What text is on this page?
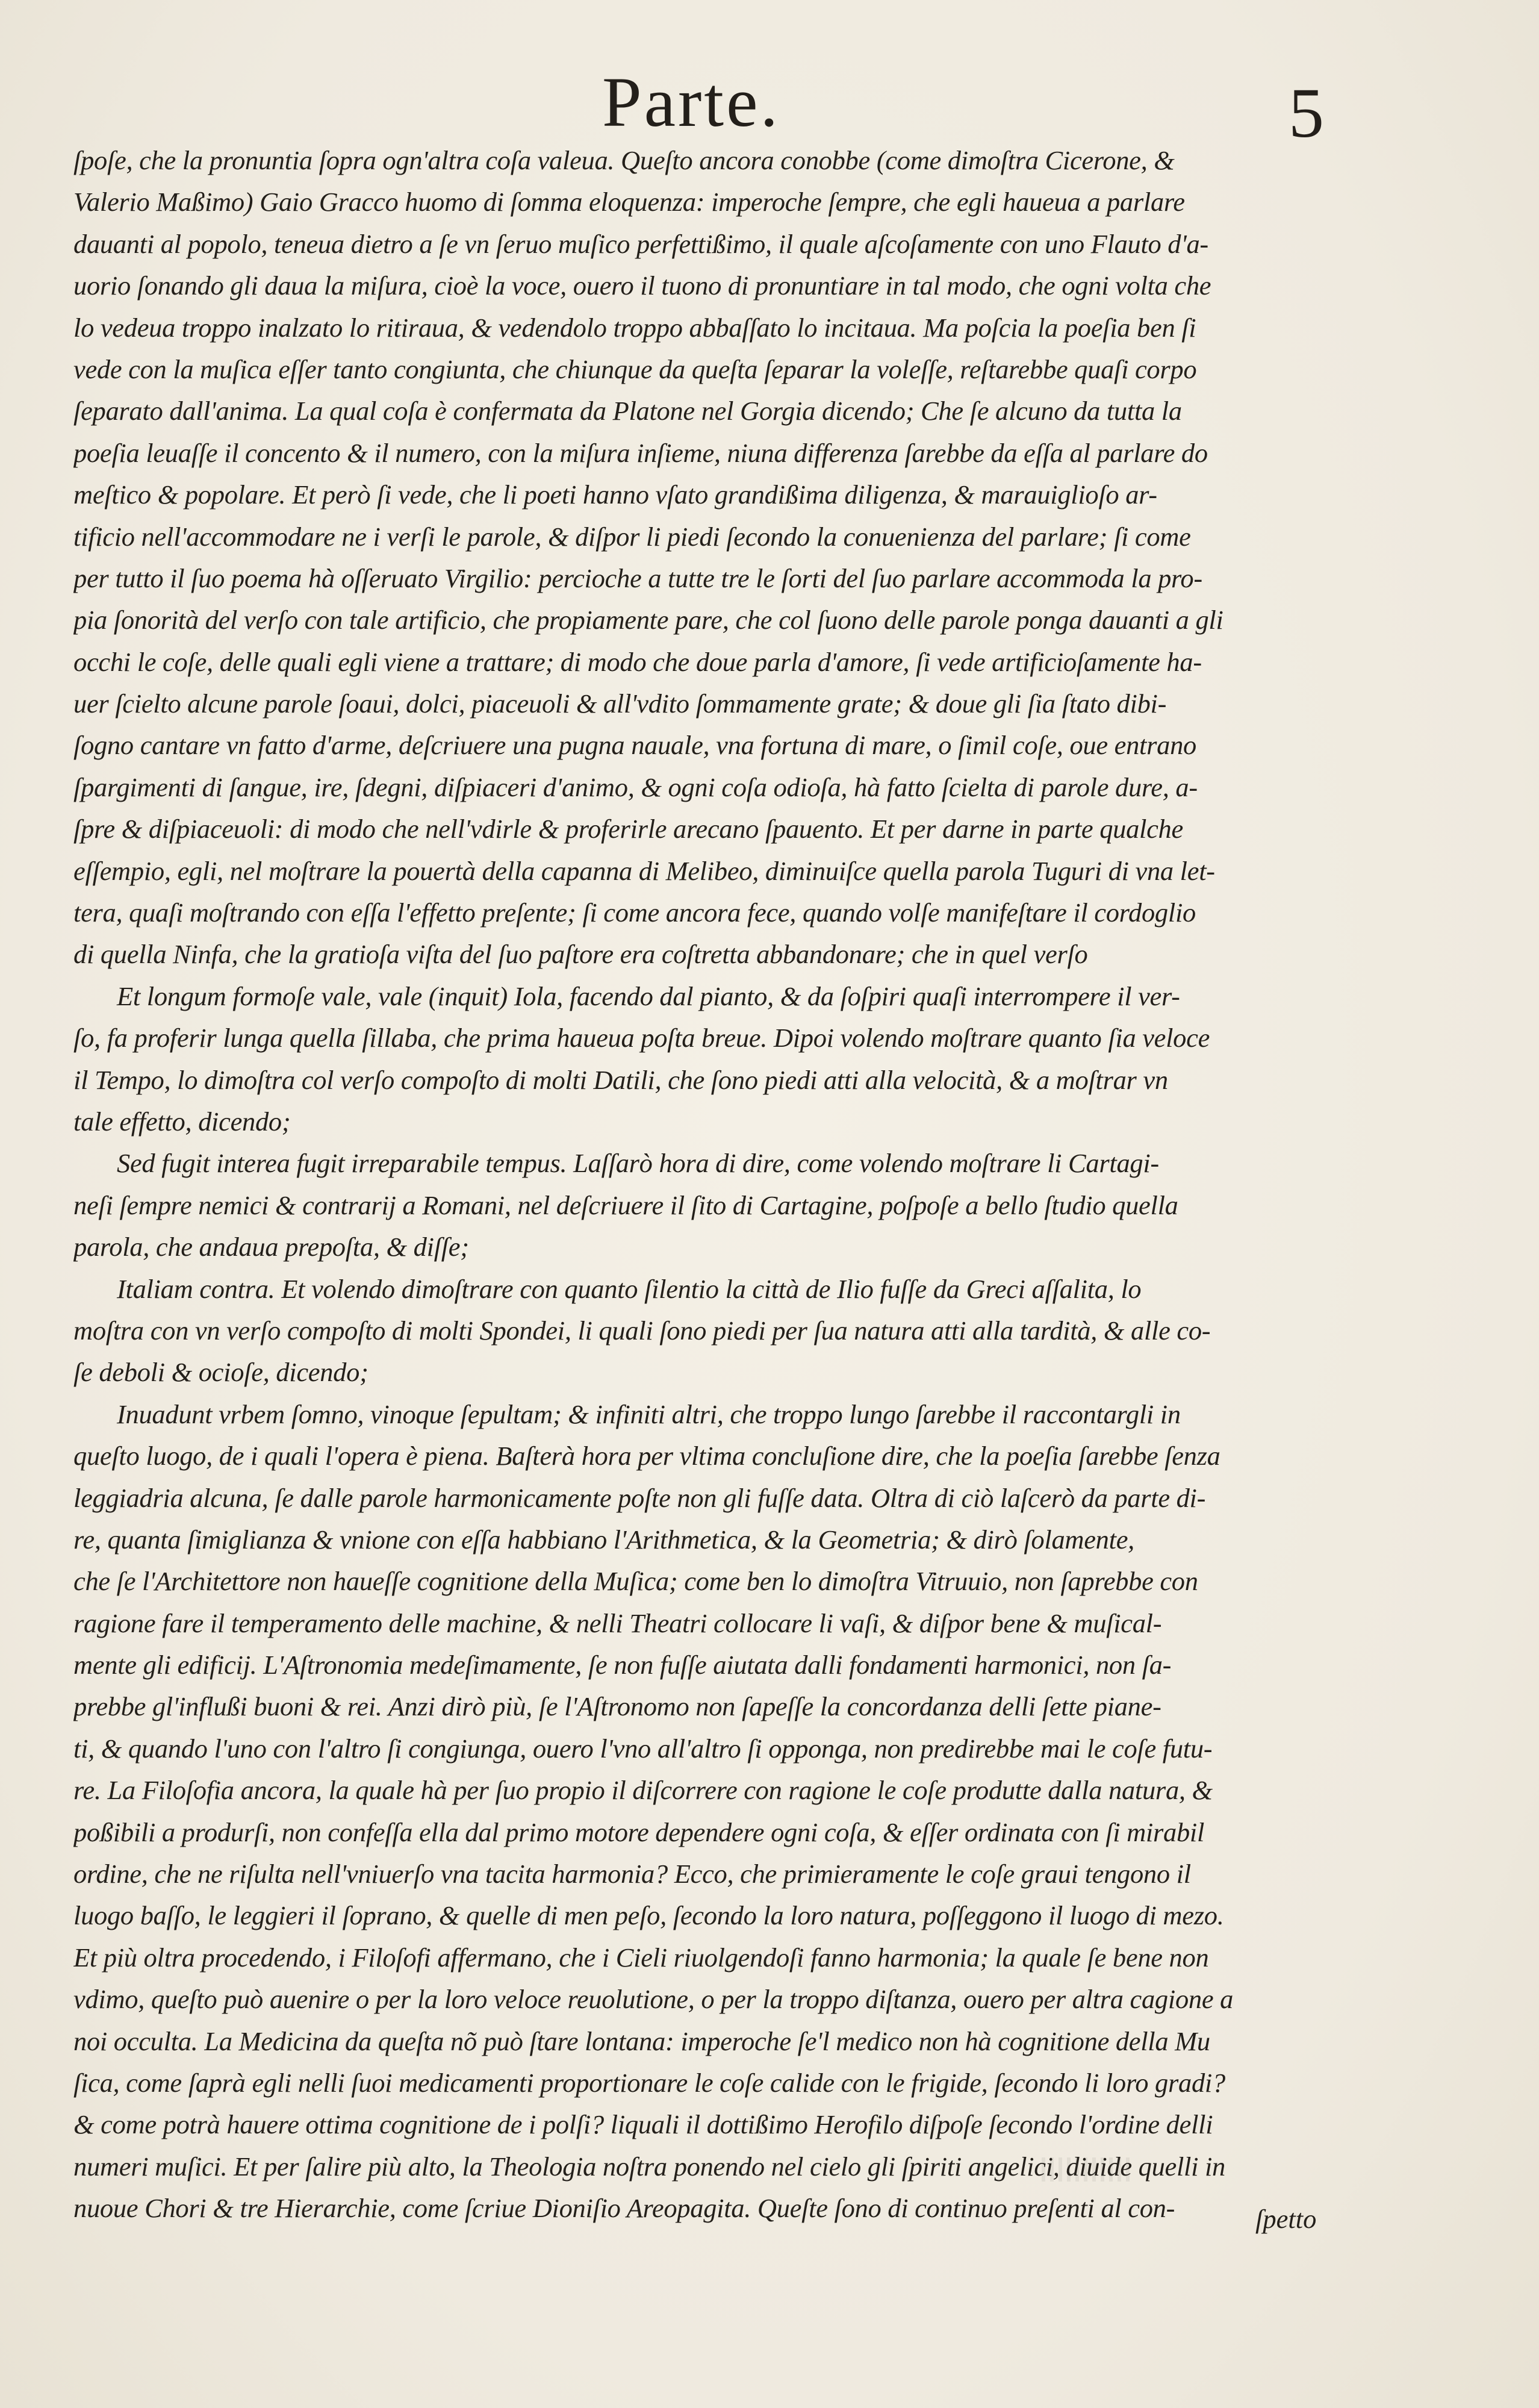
Parte.	5
ſpoſe, che la pronuntia ſopra ogn'altra coſa valeua. Queſto ancora conobbe (come dimoſtra Cicerone, &
Valerio Maßimo) Gaio Gracco huomo di ſomma eloquenza: imperoche ſempre, che egli haueua a parlare
dauanti al popolo, teneua dietro a ſe vn ſeruo muſico perfettißimo, il quale aſcoſamente con uno Flauto d'a-
uorio ſonando gli daua la miſura, cioè la voce, ouero il tuono di pronuntiare in tal modo, che ogni volta che
lo vedeua troppo inalzato lo ritiraua, & vedendolo troppo abbaſſato lo incitaua. Ma poſcia la poeſia ben ſi
vede con la muſica eſſer tanto congiunta, che chiunque da queſta ſeparar la voleſſe, reſtarebbe quaſi corpo
ſeparato dall'anima. La qual coſa è confermata da Platone nel Gorgia dicendo; Che ſe alcuno da tutta la
poeſia leuaſſe il concento & il numero, con la miſura inſieme, niuna differenza ſarebbe da eſſa al parlare do
meſtico & popolare. Et però ſi vede, che li poeti hanno vſato grandißima diligenza, & marauiglioſo ar-
tificio nell'accommodare ne i verſi le parole, & diſpor li piedi ſecondo la conuenienza del parlare; ſi come
per tutto il ſuo poema hà oſſeruato Virgilio: percioche a tutte tre le ſorti del ſuo parlare accommoda la pro-
pia ſonorità del verſo con tale artificio, che propiamente pare, che col ſuono delle parole ponga dauanti a gli
occhi le coſe, delle quali egli viene a trattare; di modo che doue parla d'amore, ſi vede artificioſamente ha-
uer ſcielto alcune parole ſoaui, dolci, piaceuoli & all'vdito ſommamente grate; & doue gli ſia ſtato dibi-
ſogno cantare vn fatto d'arme, deſcriuere una pugna nauale, vna fortuna di mare, o ſimil coſe, oue entrano
ſpargimenti di ſangue, ire, ſdegni, diſpiaceri d'animo, & ogni coſa odioſa, hà fatto ſcielta di parole dure, a-
ſpre & diſpiaceuoli: di modo che nell'vdirle & proferirle arecano ſpauento. Et per darne in parte qualche
eſſempio, egli, nel moſtrare la pouertà della capanna di Melibeo, diminuiſce quella parola Tuguri di vna let-
tera, quaſi moſtrando con eſſa l'effetto preſente; ſi come ancora fece, quando volſe manifeſtare il cordoglio
di quella Ninfa, che la gratioſa viſta del ſuo paſtore era coſtretta abbandonare; che in quel verſo
Et longum formoſe vale, vale (inquit) Iola, facendo dal pianto, & da ſoſpiri quaſi interrompere il ver-
ſo, fa proferir lunga quella ſillaba, che prima haueua poſta breue. Dipoi volendo moſtrare quanto ſia veloce
il Tempo, lo dimoſtra col verſo compoſto di molti Datili, che ſono piedi atti alla velocità, & a moſtrar vn
tale effetto, dicendo;
Sed fugit interea fugit irreparabile tempus. Laſſarò hora di dire, come volendo moſtrare li Cartagi-
neſi ſempre nemici & contrarij a Romani, nel deſcriuere il ſito di Cartagine, poſpoſe a bello ſtudio quella
parola, che andaua prepoſta, & diſſe;
Italiam contra. Et volendo dimoſtrare con quanto ſilentio la città de Ilio fuſſe da Greci aſſalita, lo
moſtra con vn verſo compoſto di molti Spondei, li quali ſono piedi per ſua natura atti alla tardità, & alle co-
ſe deboli & ocioſe, dicendo;
Inuadunt vrbem ſomno, vinoque ſepultam; & infiniti altri, che troppo lungo ſarebbe il raccontargli in
queſto luogo, de i quali l'opera è piena. Baſterà hora per vltima concluſione dire, che la poeſia ſarebbe ſenza
leggiadria alcuna, ſe dalle parole harmonicamente poſte non gli fuſſe data. Oltra di ciò laſcerò da parte di-
re, quanta ſimiglianza & vnione con eſſa habbiano l'Arithmetica, & la Geometria; & dirò ſolamente,
che ſe l'Architettore non haueſſe cognitione della Muſica; come ben lo dimoſtra Vitruuio, non ſaprebbe con
ragione fare il temperamento delle machine, & nelli Theatri collocare li vaſi, & diſpor bene & muſical-
mente gli edificij. L'Aſtronomia medeſimamente, ſe non fuſſe aiutata dalli fondamenti harmonici, non ſa-
prebbe gl'influßi buoni & rei. Anzi dirò più, ſe l'Aſtronomo non ſapeſſe la concordanza delli ſette piane-
ti, & quando l'uno con l'altro ſi congiunga, ouero l'vno all'altro ſi opponga, non predirebbe mai le coſe futu-
re. La Filoſofia ancora, la quale hà per ſuo propio il diſcorrere con ragione le coſe produtte dalla natura, &
poßibili a produrſi, non confeſſa ella dal primo motore dependere ogni coſa, & eſſer ordinata con ſi mirabil
ordine, che ne riſulta nell'vniuerſo vna tacita harmonia? Ecco, che primieramente le coſe graui tengono il
luogo baſſo, le leggieri il ſoprano, & quelle di men peſo, ſecondo la loro natura, poſſeggono il luogo di mezo.
Et più oltra procedendo, i Filoſofi affermano, che i Cieli riuolgendoſi fanno harmonia; la quale ſe bene non
vdimo, queſto può auenire o per la loro veloce reuolutione, o per la troppo diſtanza, ouero per altra cagione a
noi occulta. La Medicina da queſta nõ può ſtare lontana: imperoche ſe'l medico non hà cognitione della Mu
ſica, come ſaprà egli nelli ſuoi medicamenti proportionare le coſe calide con le frigide, ſecondo li loro gradi?
& come potrà hauere ottima cognitione de i polſi? liquali il dottißimo Herofilo diſpoſe ſecondo l'ordine delli
numeri muſici. Et per ſalire più alto, la Theologia noſtra ponendo nel cielo gli ſpiriti angelici, diuide quelli in
nuoue Chori & tre Hierarchie, come ſcriue Dioniſio Areopagita. Queſte ſono di continuo preſenti al con-	ſpetto
